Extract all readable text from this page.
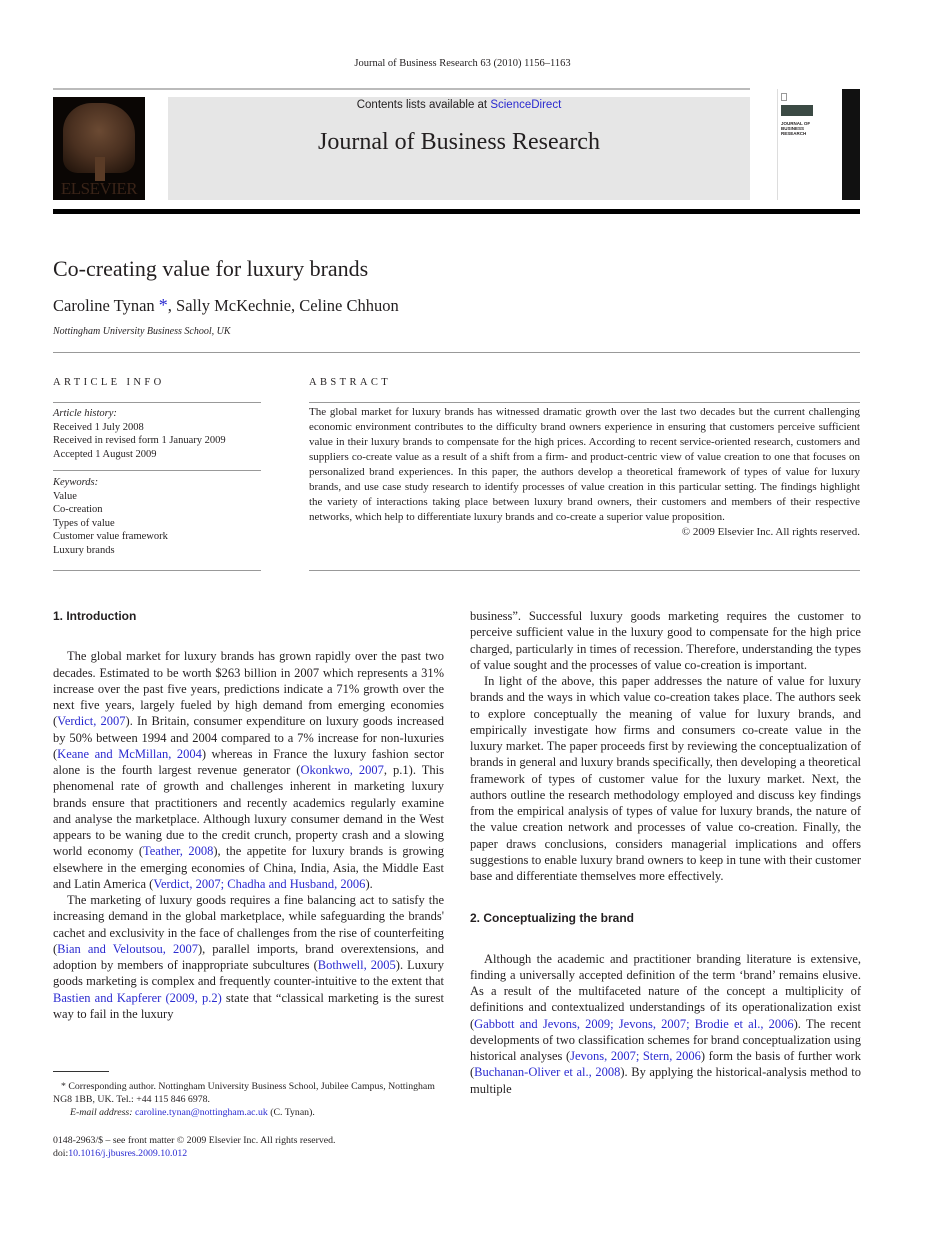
Journal of Business Research 63 (2010) 1156–1163
ELSEVIER
Contents lists available at ScienceDirect
Journal of Business Research
JOURNAL OF
BUSINESS
RESEARCH
Co-creating value for luxury brands
Caroline Tynan *, Sally McKechnie, Celine Chhuon
Nottingham University Business School, UK
ARTICLE INFO
Article history:
Received 1 July 2008
Received in revised form 1 January 2009
Accepted 1 August 2009
Keywords:
Value
Co-creation
Types of value
Customer value framework
Luxury brands
ABSTRACT
The global market for luxury brands has witnessed dramatic growth over the last two decades but the current challenging economic environment contributes to the difficulty brand owners experience in ensuring that customers perceive sufficient value in their luxury brands to compensate for the high prices. According to recent service-oriented research, customers and suppliers co-create value as a result of a shift from a firm- and product-centric view of value creation to one that focuses on personalized brand experiences. In this paper, the authors develop a theoretical framework of types of value for luxury brands, and use case study research to identify processes of value creation in this particular setting. The findings highlight the variety of interactions taking place between luxury brand owners, their customers and members of their respective networks, which help to differentiate luxury brands and co-create a superior value proposition.
© 2009 Elsevier Inc. All rights reserved.
1. Introduction

The global market for luxury brands has grown rapidly over the past two decades. Estimated to be worth $263 billion in 2007 which represents a 31% increase over the past five years, predictions indicate a 71% growth over the next five years, largely fueled by high demand from emerging economies (Verdict, 2007). In Britain, consumer expenditure on luxury goods increased by 50% between 1994 and 2004 compared to a 7% increase for non-luxuries (Keane and McMillan, 2004) whereas in France the luxury fashion sector alone is the fourth largest revenue generator (Okonkwo, 2007, p.1). This phenomenal rate of growth and challenges inherent in marketing luxury brands ensure that practitioners and recently academics regularly examine and analyse the marketplace. Although luxury consumer demand in the West appears to be waning due to the credit crunch, property crash and a slowing world economy (Teather, 2008), the appetite for luxury brands is growing elsewhere in the emerging economies of China, India, Asia, the Middle East and Latin America (Verdict, 2007; Chadha and Husband, 2006).

The marketing of luxury goods requires a fine balancing act to satisfy the increasing demand in the global marketplace, while safeguarding the brands' cachet and exclusivity in the face of challenges from the rise of counterfeiting (Bian and Veloutsou, 2007), parallel imports, brand overextensions, and adoption by members of inappropriate subcultures (Bothwell, 2005). Luxury goods marketing is complex and frequently counter-intuitive to the extent that Bastien and Kapferer (2009, p.2) state that “classical marketing is the surest way to fail in the luxury

business”. Successful luxury goods marketing requires the customer to perceive sufficient value in the luxury good to compensate for the high price charged, particularly in times of recession. Therefore, understanding the types of value sought and the processes of value co-creation is important.

In light of the above, this paper addresses the nature of value for luxury brands and the ways in which value co-creation takes place. The authors seek to explore conceptually the meaning of value for luxury brands, and empirically investigate how firms and consumers co-create value in the luxury market. The paper proceeds first by reviewing the conceptualization of brands in general and luxury brands specifically, then developing a theoretical framework of types of customer value for the luxury market. Next, the authors outline the research methodology employed and discuss key findings from the empirical analysis of types of value for luxury brands, the nature of the value creation network and processes of value co-creation. Finally, the paper draws conclusions, considers managerial implications and offers suggestions to enable luxury brand owners to keep in tune with their customer base and differentiate themselves more effectively.

2. Conceptualizing the brand

Although the academic and practitioner branding literature is extensive, finding a universally accepted definition of the term ‘brand’ remains elusive. As a result of the multifaceted nature of the concept a multiplicity of definitions and contextualized understandings of its operationalization exist (Gabbott and Jevons, 2009; Jevons, 2007; Brodie et al., 2006). The recent developments of two classification schemes for brand conceptualization using historical analyses (Jevons, 2007; Stern, 2006) form the basis of further work (Buchanan-Oliver et al., 2008). By applying the historical-analysis method to multiple

* Corresponding author. Nottingham University Business School, Jubilee Campus, Nottingham NG8 1BB, UK. Tel.: +44 115 846 6978.
E-mail address: caroline.tynan@nottingham.ac.uk (C. Tynan).
0148-2963/$ – see front matter © 2009 Elsevier Inc. All rights reserved.
doi:10.1016/j.jbusres.2009.10.012
